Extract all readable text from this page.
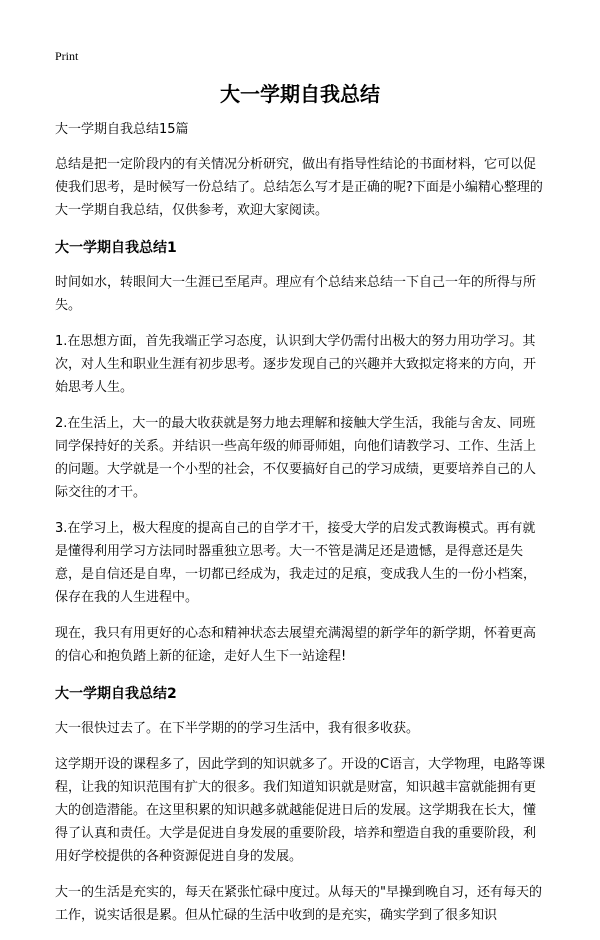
Print
大一学期自我总结
大一学期自我总结15篇

总结是把一定阶段内的有关情况分析研究，做出有指导性结论的书面材料，它可以促使我们思考，是时候写一份总结了。总结怎么写才是正确的呢?下面是小编精心整理的大一学期自我总结，仅供参考，欢迎大家阅读。

大一学期自我总结1

时间如水，转眼间大一生涯已至尾声。理应有个总结来总结一下自己一年的所得与所失。

1.在思想方面，首先我端正学习态度，认识到大学仍需付出极大的努力用功学习。其次，对人生和职业生涯有初步思考。逐步发现自己的兴趣并大致拟定将来的方向，开始思考人生。

2.在生活上，大一的最大收获就是努力地去理解和接触大学生活，我能与舍友、同班同学保持好的关系。并结识一些高年级的师哥师姐，向他们请教学习、工作、生活上的问题。大学就是一个小型的社会，不仅要搞好自己的学习成绩，更要培养自己的人际交往的才干。

3.在学习上，极大程度的提高自己的自学才干，接受大学的启发式教诲模式。再有就是懂得利用学习方法同时器重独立思考。大一不管是满足还是遗憾，是得意还是失意，是自信还是自卑，一切都已经成为，我走过的足痕，变成我人生的一份小档案，保存在我的人生进程中。

现在，我只有用更好的心态和精神状态去展望充满渴望的新学年的新学期，怀着更高的信心和抱负踏上新的征途，走好人生下一站途程!

大一学期自我总结2

大一很快过去了。在下半学期的的学习生活中，我有很多收获。

这学期开设的课程多了，因此学到的知识就多了。开设的C语言，大学物理，电路等课程，让我的知识范围有扩大的很多。我们知道知识就是财富，知识越丰富就能拥有更大的创造潜能。在这里积累的知识越多就越能促进日后的发展。这学期我在长大，懂得了认真和责任。大学是促进自身发展的重要阶段，培养和塑造自我的重要阶段，利用好学校提供的各种资源促进自身的发展。

大一的生活是充实的，每天在紧张忙碌中度过。从每天的"早操到晚自习，还有每天的工作，说实话很是累。但从忙碌的生活中收到的是充实，确实学到了很多知识
